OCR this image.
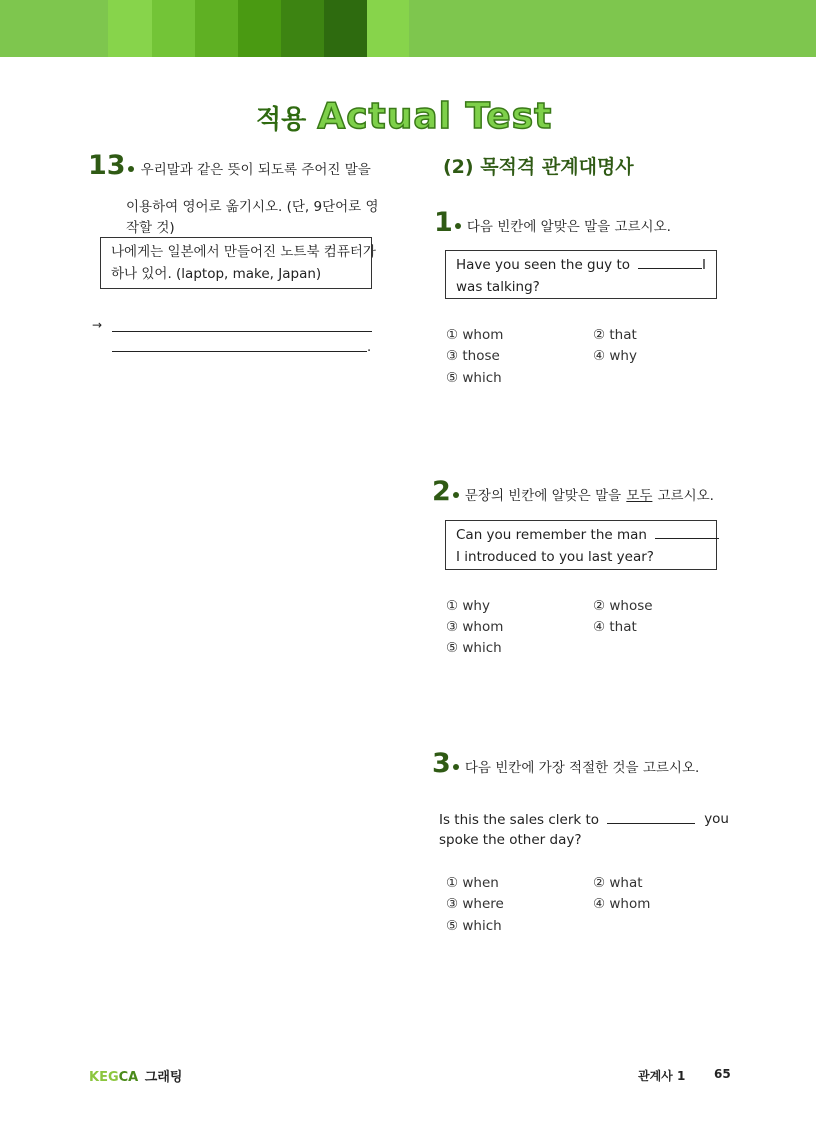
적용 Actual Test
13 우리말과 같은 뜻이 되도록 주어진 말을
이용하여 영어로 옮기시오. (단, 9단어로 영
작할 것)
나에게는 일본에서 만들어진 노트북 컴퓨터가
하나 있어. (laptop, make, Japan)
→
.
(2) 목적격 관계대명사
1 다음 빈칸에 알맞은 말을 고르시오.
Have you seen the guy to	I
was talking?
① whom	② that
③ those	④ why
⑤ which
2 문장의 빈칸에 알맞은 말을 모두 고르시오.
Can you remember the man
I introduced to you last year?
① why	② whose
③ whom	④ that
⑤ which
3 다음 빈칸에 가장 적절한 것을 고르시오.
Is this the sales clerk to	you
spoke the other day?
① when	② what
③ where	④ whom
⑤ which
KEGCA 그래팅	관계사 1 65
